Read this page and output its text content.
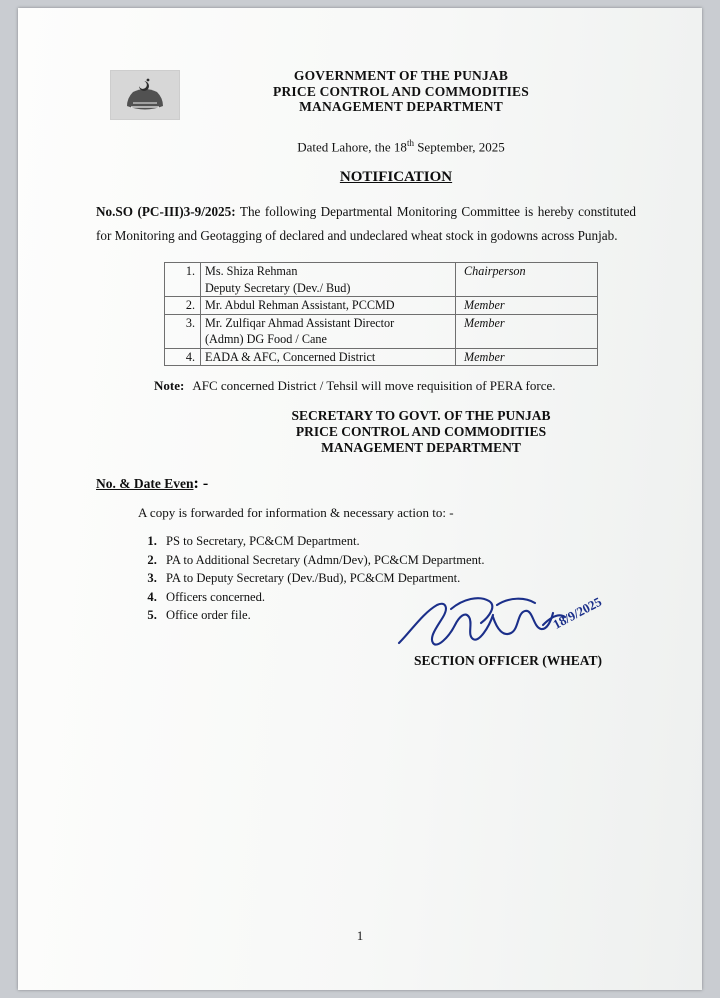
GOVERNMENT OF THE PUNJAB
PRICE CONTROL AND COMMODITIES
MANAGEMENT DEPARTMENT
Dated Lahore, the 18th September, 2025
NOTIFICATION
No.SO (PC-III)3-9/2025: The following Departmental Monitoring Committee is hereby constituted for Monitoring and Geotagging of declared and undeclared wheat stock in godowns across Punjab.
1.	Ms. Shiza Rehman	Chairperson
	Deputy Secretary (Dev./ Bud)	
2.	Mr. Abdul Rehman Assistant, PCCMD	Member
3.	Mr. Zulfiqar Ahmad Assistant Director	Member
	(Admn) DG Food / Cane	
4.	EADA & AFC, Concerned District	Member
Note: AFC concerned District / Tehsil will move requisition of PERA force.
SECRETARY TO GOVT. OF THE PUNJAB
PRICE CONTROL AND COMMODITIES
MANAGEMENT DEPARTMENT
No. & Date Even: -
A copy is forwarded for information & necessary action to: -
1. PS to Secretary, PC&CM Department.
2. PA to Additional Secretary (Admn/Dev), PC&CM Department.
3. PA to Deputy Secretary (Dev./Bud), PC&CM Department.
4. Officers concerned.
5. Office order file.	18/9/2025
SECTION OFFICER (WHEAT)
1
